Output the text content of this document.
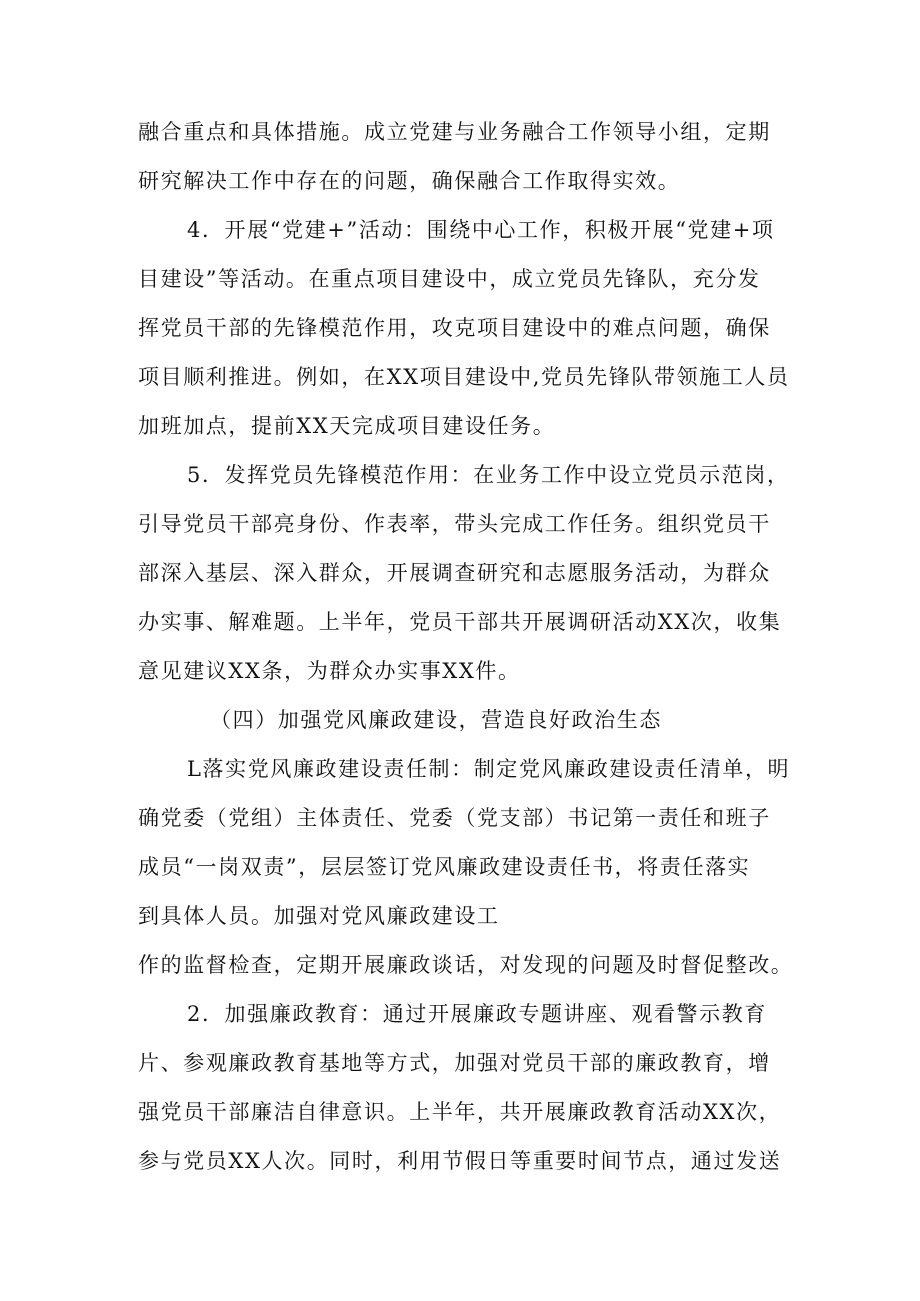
融合重点和具体措施。成立党建与业务融合工作领导小组，定期
研究解决工作中存在的问题，确保融合工作取得实效。
4．开展“党建+”活动：围绕中心工作，积极开展“党建+项
目建设”等活动。在重点项目建设中，成立党员先锋队，充分发
挥党员干部的先锋模范作用，攻克项目建设中的难点问题，确保
项目顺利推进。例如，在XX项目建设中,党员先锋队带领施工人员
加班加点，提前XX天完成项目建设任务。
5．发挥党员先锋模范作用：在业务工作中设立党员示范岗，
引导党员干部亮身份、作表率，带头完成工作任务。组织党员干
部深入基层、深入群众，开展调查研究和志愿服务活动，为群众
办实事、解难题。上半年，党员干部共开展调研活动XX次，收集
意见建议XX条，为群众办实事XX件。
（四）加强党风廉政建设，营造良好政治生态
L落实党风廉政建设责任制：制定党风廉政建设责任清单，明
确党委（党组）主体责任、党委（党支部）书记第一责任和班子
成员“一岗双责”，层层签订党风廉政建设责任书，将责任落实
到具体人员。加强对党风廉政建设工
作的监督检查，定期开展廉政谈话，对发现的问题及时督促整改。
2．加强廉政教育：通过开展廉政专题讲座、观看警示教育
片、参观廉政教育基地等方式，加强对党员干部的廉政教育，增
强党员干部廉洁自律意识。上半年，共开展廉政教育活动XX次，
参与党员XX人次。同时，利用节假日等重要时间节点，通过发送
